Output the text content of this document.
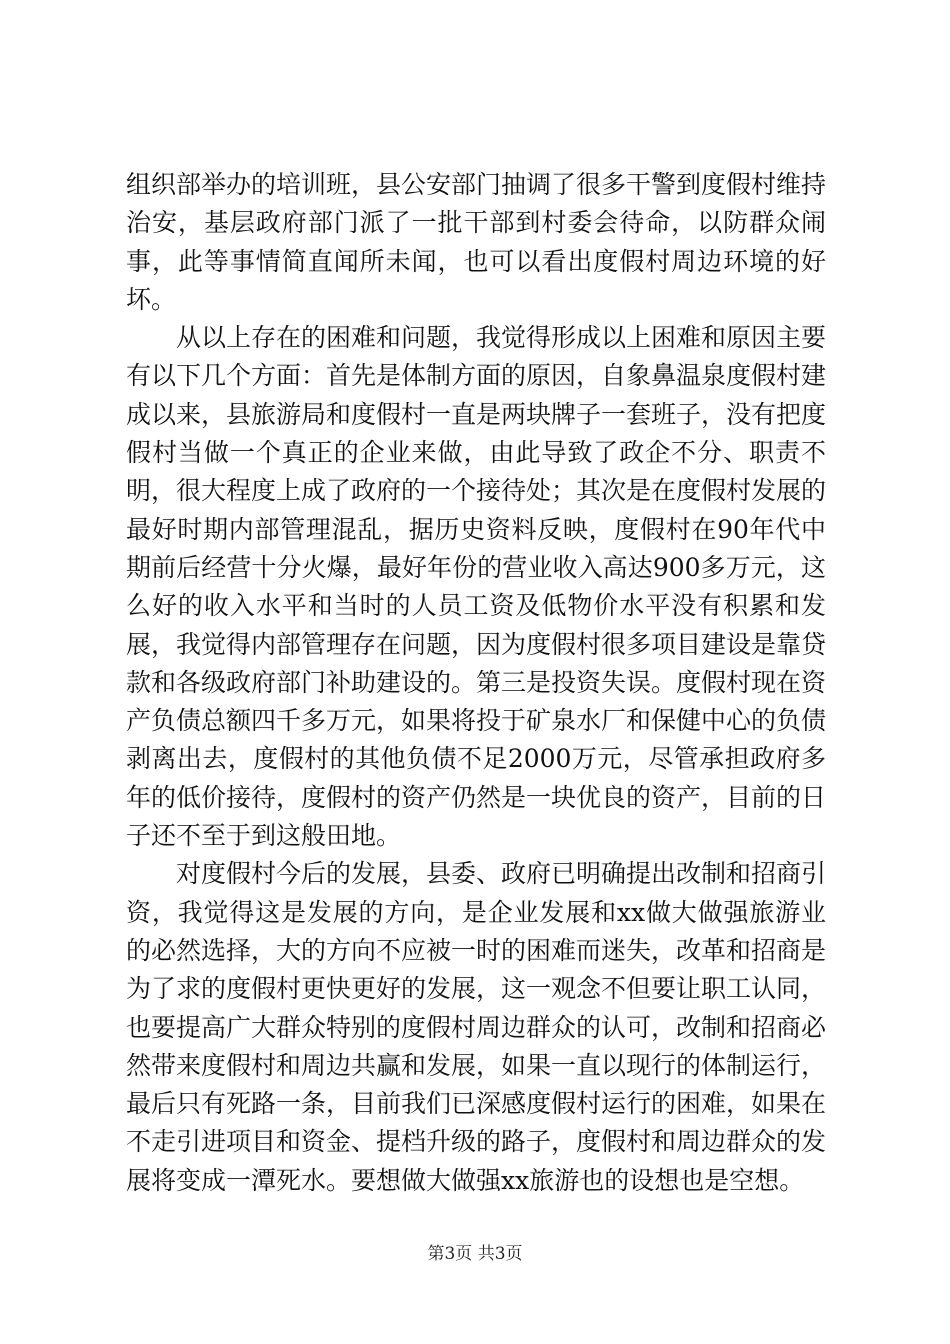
组织部举办的培训班，县公安部门抽调了很多干警到度假村维持治安，基层政府部门派了一批干部到村委会待命，以防群众闹事，此等事情简直闻所未闻，也可以看出度假村周边环境的好坏。

从以上存在的困难和问题，我觉得形成以上困难和原因主要有以下几个方面：首先是体制方面的原因，自象鼻温泉度假村建成以来，县旅游局和度假村一直是两块牌子一套班子，没有把度假村当做一个真正的企业来做，由此导致了政企不分、职责不明，很大程度上成了政府的一个接待处；其次是在度假村发展的最好时期内部管理混乱，据历史资料反映，度假村在90年代中期前后经营十分火爆，最好年份的营业收入高达900多万元，这么好的收入水平和当时的人员工资及低物价水平没有积累和发展，我觉得内部管理存在问题，因为度假村很多项目建设是靠贷款和各级政府部门补助建设的。第三是投资失误。度假村现在资产负债总额四千多万元，如果将投于矿泉水厂和保健中心的负债剥离出去，度假村的其他负债不足2000万元，尽管承担政府多年的低价接待，度假村的资产仍然是一块优良的资产，目前的日子还不至于到这般田地。

对度假村今后的发展，县委、政府已明确提出改制和招商引资，我觉得这是发展的方向，是企业发展和xx做大做强旅游业的必然选择，大的方向不应被一时的困难而迷失，改革和招商是为了求的度假村更快更好的发展，这一观念不但要让职工认同，也要提高广大群众特别的度假村周边群众的认可，改制和招商必然带来度假村和周边共赢和发展，如果一直以现行的体制运行，最后只有死路一条，目前我们已深感度假村运行的困难，如果在不走引进项目和资金、提档升级的路子，度假村和周边群众的发展将变成一潭死水。要想做大做强xx旅游也的设想也是空想。

第3页 共3页
